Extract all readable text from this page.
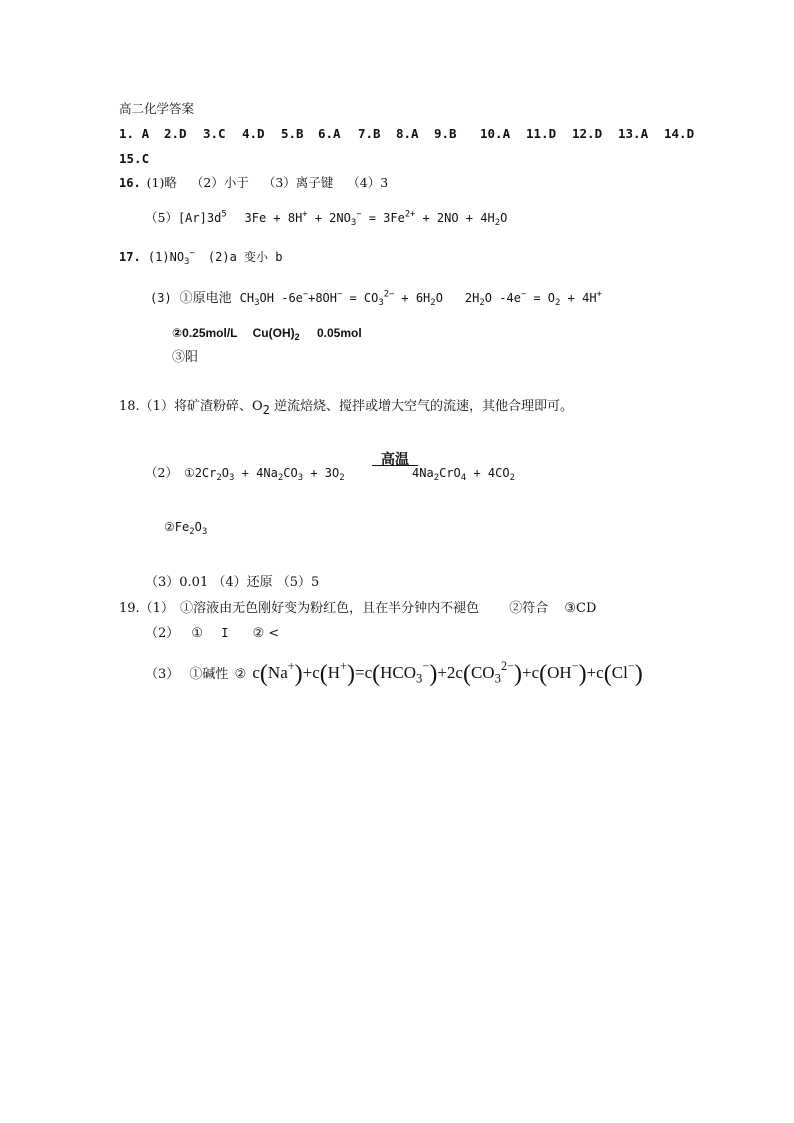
高二化学答案
1. A 2.D 3.C 4.D 5.B 6.A 7.B 8.A 9.B 10.A 11.D 12.D 13.A 14.D
15.C
16. (1)略 （2）小于 （3）离子键 （4）3
$(5)[Ar]3d^5$ $3Fe + 8H^+ + 2NO_3^- = 3Fe^{2+} + 2NO + 4H_2O$
17. $(1)NO_3^-$ (2)a 变小 b
(3) ①原电池 $CH_3OH$ $-6e^-+8OH^- = CO_3^{2-} + 6H_2O$ $2H_2O$ $-4e^- = O_2 + 4H^+$
②0.25mol/L $Cu(OH)_2$ 0.05mol
③阳
18.（1）将矿渣粉碎、$O_2$ 逆流焙烧、搅拌或增大空气的流速，其他合理即可。
（2） $①2Cr_2O_3 + 4Na_2CO_3 + 3O_2$
高温
$4Na_2CrO_4 + 4CO_2$
$②Fe_2O_3$
（3）0.01 （4）还原 （5）5
19.（1） ①溶液由无色刚好变为粉红色，且在半分钟内不褪色 ②符合 ③CD
（2） ① I ② <
（3） ①碱性 ② $c(Na^+)+c(H^+)=c(HCO_3^-)+2c(CO_3^{2-})+c(OH^-)+c(Cl^-)$
